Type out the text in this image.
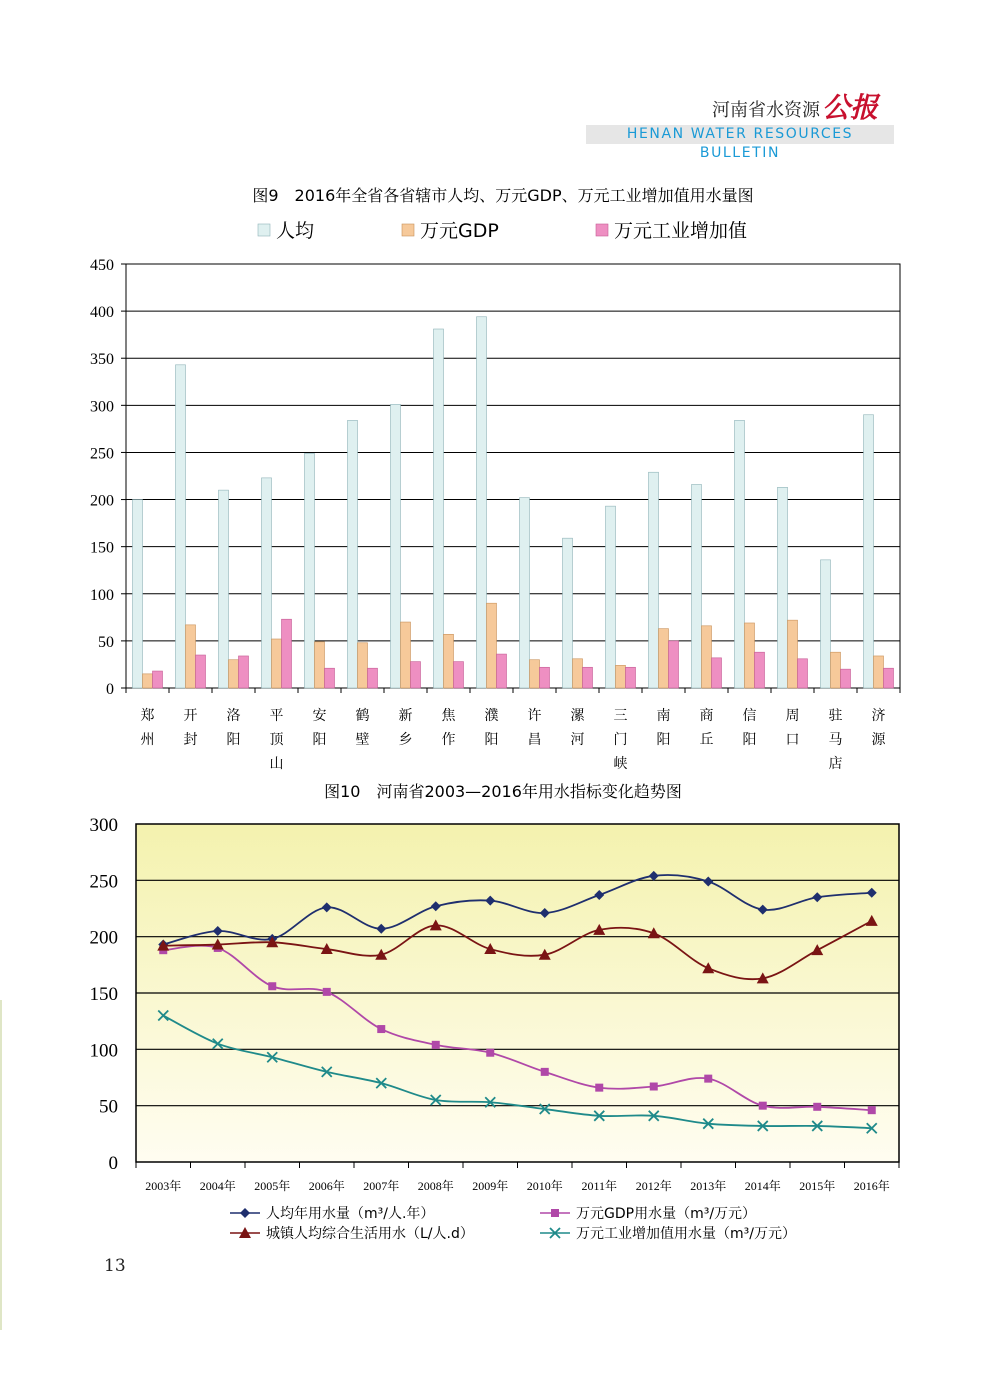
河南省水资源 公报
HENAN WATER RESOURCES BULLETIN
图9　2016年全省各省辖市人均、万元GDP、万元工业增加值用水量图
0
50
100
150
200
250
300
350
400
450
郑
州
开
封
洛
阳
平
顶
山
安
阳
鹤
壁
新
乡
焦
作
濮
阳
许
昌
漯
河
三
门
峡
南
阳
商
丘
信
阳
周
口
驻
马
店
济
源
人均	万元GDP	万元工业增加值
图10　河南省2003—2016年用水指标变化趋势图
0
50
100
150
200
250
300
2003年 2004年 2005年 2006年 2007年 2008年 2009年 2010年 2011年 2012年 2013年 2014年 2015年 2016年
人均年用水量（m³/人.年）	万元GDP用水量（m³/万元）
城镇人均综合生活用水（L/人.d）	万元工业增加值用水量（m³/万元）
13
